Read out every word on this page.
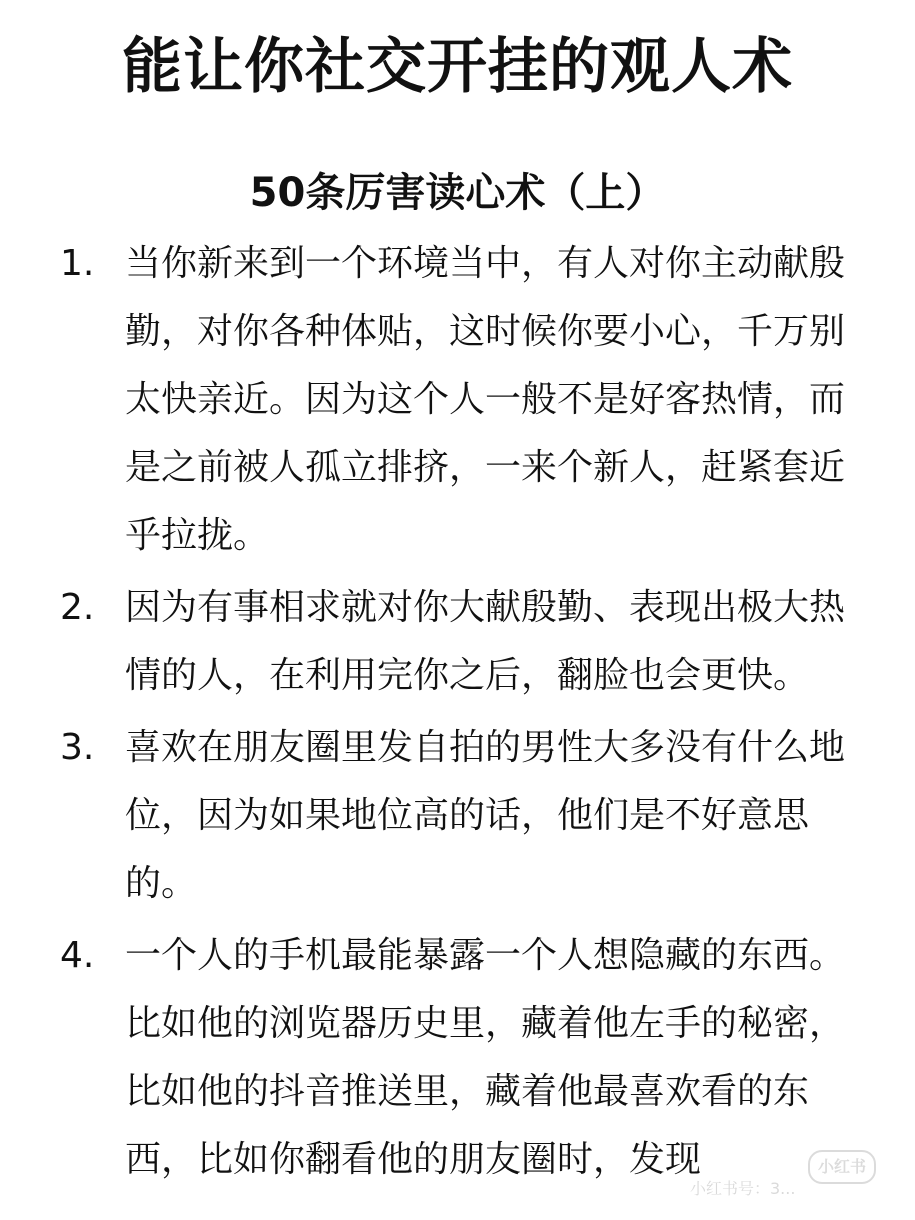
能让你社交开挂的观人术
50条厉害读心术（上）
1. 当你新来到一个环境当中，有人对你主动献殷勤，对你各种体贴，这时候你要小心，千万别太快亲近。因为这个人一般不是好客热情，而是之前被人孤立排挤，一来个新人，赶紧套近乎拉拢。
2. 因为有事相求就对你大献殷勤、表现出极大热情的人，在利用完你之后，翻脸也会更快。
3. 喜欢在朋友圈里发自拍的男性大多没有什么地位，因为如果地位高的话，他们是不好意思的。
4. 一个人的手机最能暴露一个人想隐藏的东西。比如他的浏览器历史里，藏着他左手的秘密，比如他的抖音推送里，藏着他最喜欢看的东西，比如你翻看他的朋友圈时，发现	小红书
小红书号：3...
